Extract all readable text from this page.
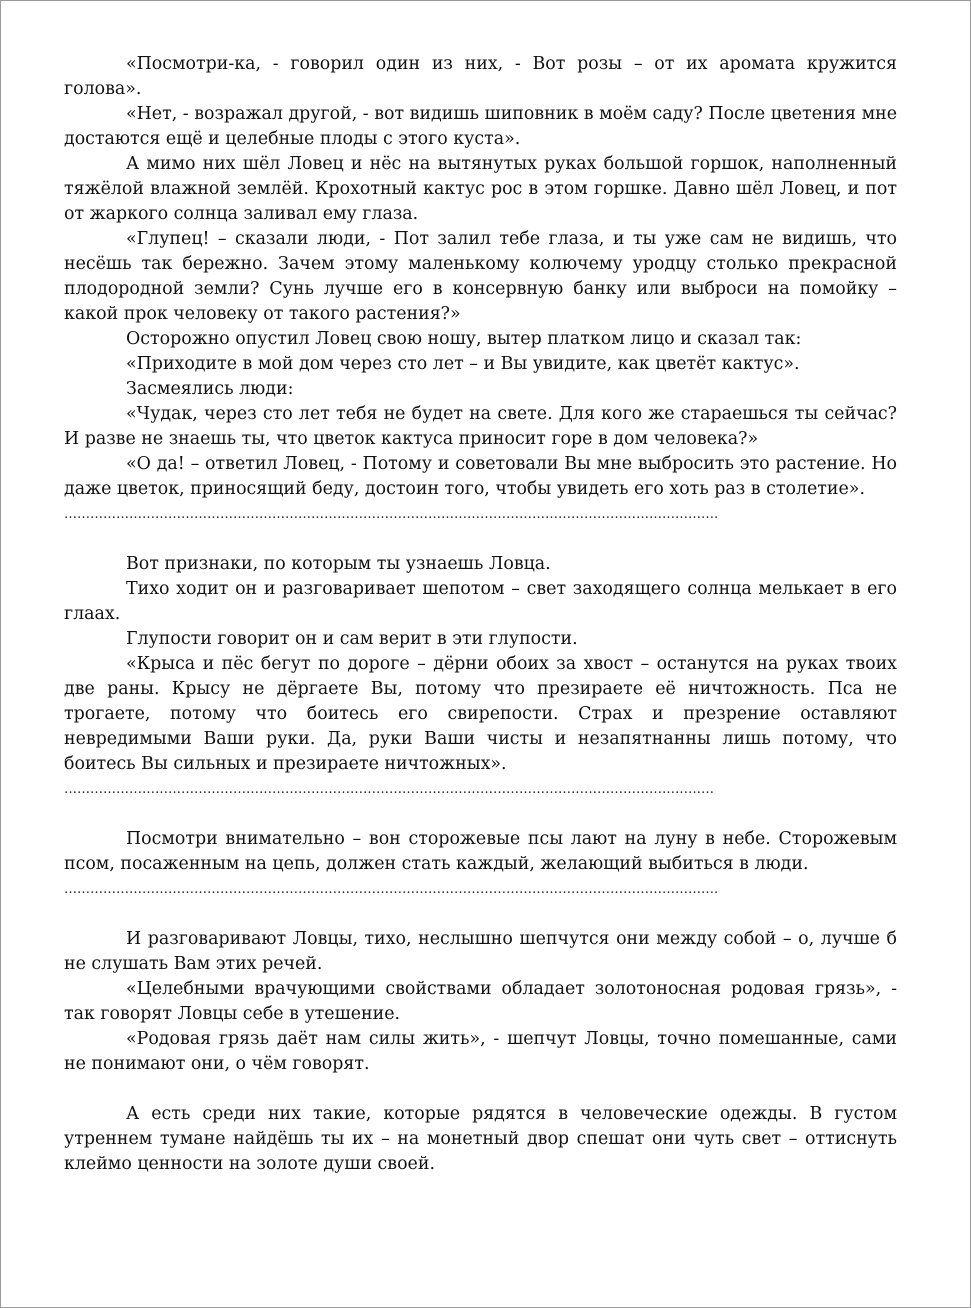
«Посмотри-ка, - говорил один из них, - Вот розы – от их аромата кружится голова».

«Нет, - возражал другой, - вот видишь шиповник в моём саду? После цветения мне достаются ещё и целебные плоды с этого куста».

А мимо них шёл Ловец и нёс на вытянутых руках большой горшок, наполненный тяжёлой влажной землёй. Крохотный кактус рос в этом горшке. Давно шёл Ловец, и пот от жаркого солнца заливал ему глаза.

«Глупец! – сказали люди, - Пот залил тебе глаза, и ты уже сам не видишь, что несёшь так бережно. Зачем этому маленькому колючему уродцу столько прекрасной плодородной земли? Сунь лучше его в консервную банку или выброси на помойку – какой прок человеку от такого растения?»

Осторожно опустил Ловец свою ношу, вытер платком лицо и сказал так:

«Приходите в мой дом через сто лет – и Вы увидите, как цветёт кактус».

Засмеялись люди:

«Чудак, через сто лет тебя не будет на свете. Для кого же стараешься ты сейчас? И разве не знаешь ты, что цветок кактуса приносит горе в дом человека?»

«О да! – ответил Ловец, - Потому и советовали Вы мне выбросить это растение. Но даже цветок, приносящий беду, достоин того, чтобы увидеть его хоть раз в столетие».

…………………………………………………………………………………………………………………………………….

Вот признаки, по которым ты узнаешь Ловца.

Тихо ходит он и разговаривает шепотом – свет заходящего солнца мелькает в его глаах.

Глупости говорит он и сам верит в эти глупости.

«Крыса и пёс бегут по дороге – дёрни обоих за хвост – останутся на руках твоих две раны. Крысу не дёргаете Вы, потому что презираете её ничтожность. Пса не трогаете, потому что боитесь его свирепости. Страх и презрение оставляют невредимыми Ваши руки. Да, руки Ваши чисты и незапятнанны лишь потому, что боитесь Вы сильных и презираете ничтожных».

……………………………………………………………………………………………………………………………………

Посмотри внимательно – вон сторожевые псы лают на луну в небе. Сторожевым псом, посаженным на цепь, должен стать каждый, желающий выбиться в люди.

…………………………………………………………………………………………………………………………………….

И разговаривают Ловцы, тихо, неслышно шепчутся они между собой – о, лучше б не слушать Вам этих речей.

«Целебными врачующими свойствами обладает золотоносная родовая грязь», - так говорят Ловцы себе в утешение.

«Родовая грязь даёт нам силы жить», - шепчут Ловцы, точно помешанные, сами не понимают они, о чём говорят.

А есть среди них такие, которые рядятся в человеческие одежды. В густом утреннем тумане найдёшь ты их – на монетный двор спешат они чуть свет – оттиснуть клеймо ценности на золоте души своей.
